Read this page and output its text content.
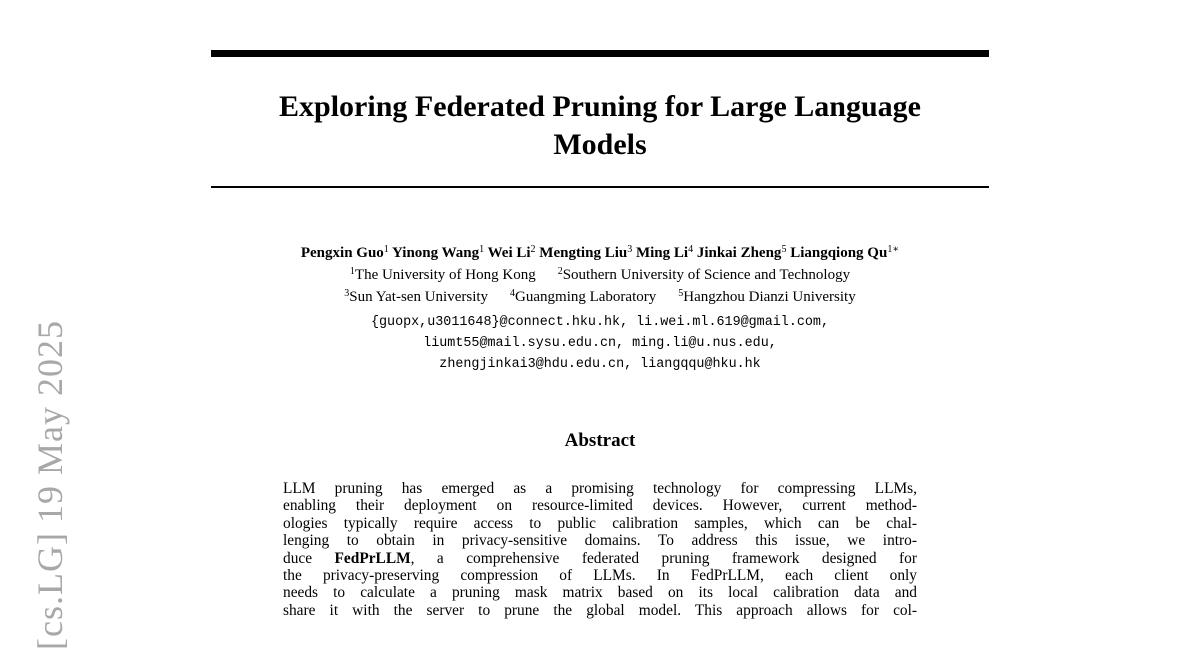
[cs.LG]
19 May 2025
Exploring Federated Pruning for Large Language
Models
Pengxin Guo$^1$ Yinong Wang$^1$ Wei Li$^2$ Mengting Liu$^3$ Ming Li$^4$ Jinkai Zheng$^5$ Liangqiong $Qu^{1∗}$
$^1$The University of Hong Kong $^2$Southern University of Science and Technology
$^3$Sun Yat-sen University $^4$Guangming Laboratory $^5$Hangzhou Dianzi University
{guopx,u3011648}@connect.hku.hk, li.wei.ml.619@gmail.com,
liumt55@mail.sysu.edu.cn, ming.li@u.nus.edu,
zhengjinkai3@hdu.edu.cn, liangqqu@hku.hk
Abstract
LLM pruning has emerged as a promising technology for compressing LLMs,
enabling their deployment on resource-limited devices. However, current method-
ologies typically require access to public calibration samples, which can be chal-
lenging to obtain in privacy-sensitive domains. To address this issue, we intro-
duce FedPrLLM, a comprehensive federated pruning framework designed for
the privacy-preserving compression of LLMs. In FedPrLLM, each client only
needs to calculate a pruning mask matrix based on its local calibration data and
share it with the server to prune the global model. This approach allows for col-
